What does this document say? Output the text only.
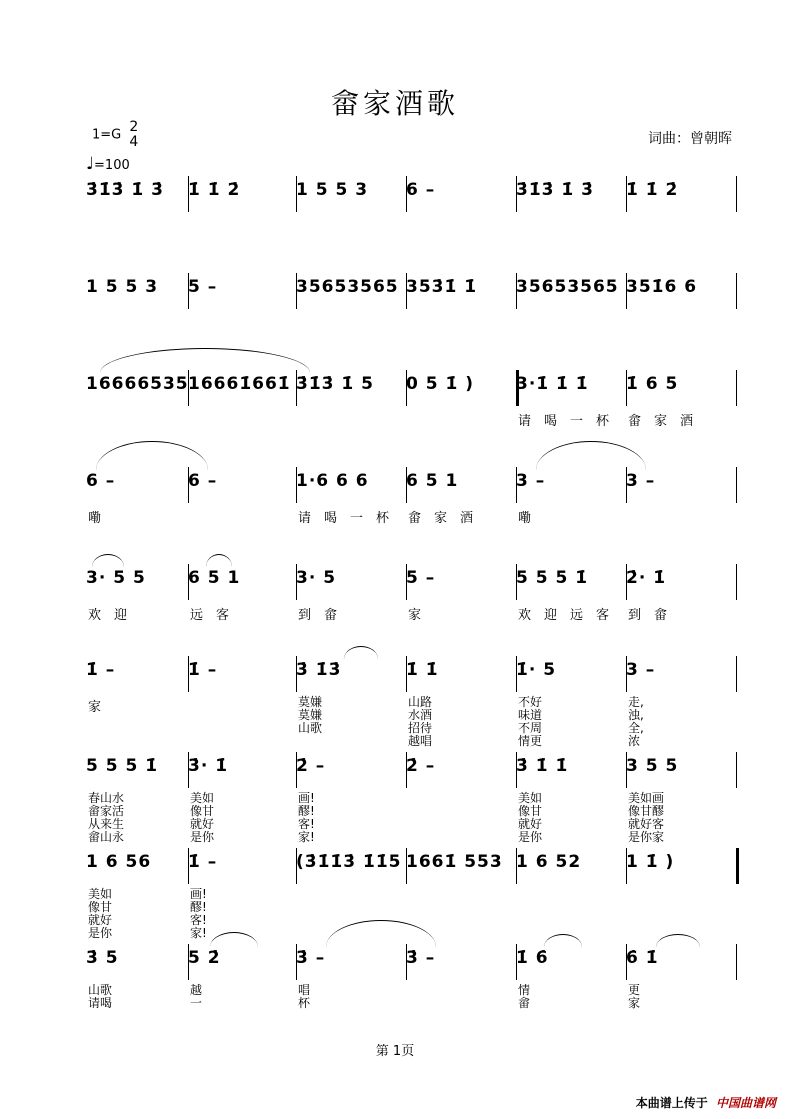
畲家酒歌
1=G 2
4
♩=100
词曲：曾朝晖
3̇1̇3̇ 1̇ 3̇ 1̇ 1̇ 2̇	1 5 5 3 6 –	3̇1̇3̇ 1̇ 3̇ 1̇ 1̇ 2̇
1 5 5 3 5 –	35653565 353̇1̇ 1̇ 35653565 351̇6 6
16666535 16661̇661̇ 3̇1̇3̇ 1̇ 5 0 5 1̇ ) 3·1̇ 1̇ 1̇ 1̇ 6 5
请喝一杯 畲家酒
6 –	6 –	1·6 6 6 6 5 1	3 –	3 –
嘞	请喝一杯 畲家酒 嘞
3· 5 5 6 5 1	3· 5	5 –	5 5 5 1̇ 2̇· 1̇
欢迎	远客	到畲	家	欢迎远客 到畲
1̇ –	1̇ –	3̇ 1̇3̇	1̇ 1̇	1̇· 5	3 –
家	莫嫌
莫嫌
山歌
山路
水酒
招待
越唱
不好
味道
不周
情更
走,
浊,
全,
浓
5 5 5 1̇ 3̇· 1̇	2̇ –	2̇ –	3̇ 1̇ 1̇	3 5 5
春山水
畲家活
从来生
畲山永
美如
像甘
就好
是你
画!
醪!
客!
家!
美如
像甘
就好
是你
美如画
像甘醪
就好客
是你家
1 6 56 1̇ –	(3̇1̇1̇3̇ 1̇1̇5 1661̇ 553 1 6 52	1 1̇ )
美如
像甘
就好
是你
画!
醪!
客!
家!
3̇ 5	5 2̇	3̇ –	3̇ –	1̇ 6̇	6̇ 1̇
山歌
请喝
越
一
唱
杯
情
畲
更
家
第 1页
本曲谱上传于 中国曲谱网
